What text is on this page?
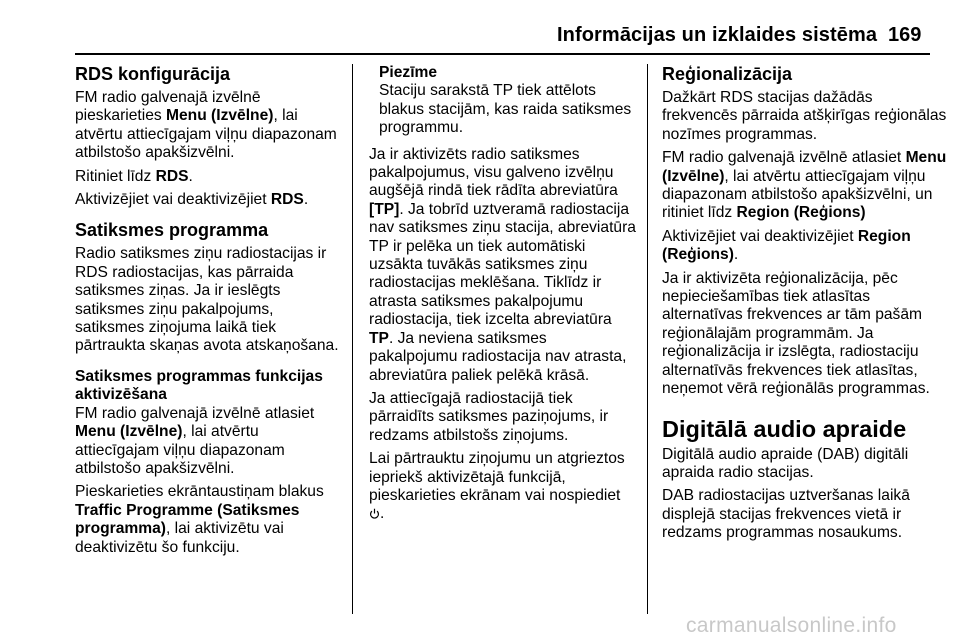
Informācijas un izklaides sistēma 169
RDS konfigurācija

FM radio galvenajā izvēlnē pieskarieties Menu (Izvēlne), lai atvērtu attiecīgajam viļņu diapazonam atbilstošo apakšizvēlni.

Ritiniet līdz RDS.

Aktivizējiet vai deaktivizējiet RDS.

Satiksmes programma

Radio satiksmes ziņu radiostacijas ir RDS radiostacijas, kas pārraida satiksmes ziņas. Ja ir ieslēgts satiksmes ziņu pakalpojums, satiksmes ziņojuma laikā tiek pārtraukta skaņas avota atskaņošana.

Satiksmes programmas funkcijas aktivizēšana

FM radio galvenajā izvēlnē atlasiet Menu (Izvēlne), lai atvērtu attiecīgajam viļņu diapazonam atbilstošo apakšizvēlni.

Pieskarieties ekrāntaustiņam blakus Traffic Programme (Satiksmes programma), lai aktivizētu vai deaktivizētu šo funkciju.

Piezīme

Staciju sarakstā TP tiek attēlots blakus stacijām, kas raida satiksmes programmu.

Ja ir aktivizēts radio satiksmes pakalpojumus, visu galveno izvēlņu augšējā rindā tiek rādīta abreviatūra [TP]. Ja tobrīd uztveramā radiostacija nav satiksmes ziņu stacija, abreviatūra TP ir pelēka un tiek automātiski uzsākta tuvākās satiksmes ziņu radiostacijas meklēšana. Tiklīdz ir atrasta satiksmes pakalpojumu radiostacija, tiek izcelta abreviatūra TP. Ja neviena satiksmes pakalpojumu radiostacija nav atrasta, abreviatūra paliek pelēkā krāsā.

Ja attiecīgajā radiostacijā tiek pārraidīts satiksmes paziņojums, ir redzams atbilstošs ziņojums.

Lai pārtrauktu ziņojumu un atgrieztos iepriekš aktivizētajā funkcijā, pieskarieties ekrānam vai nospiediet
.

Reģionalizācija

Dažkārt RDS stacijas dažādās frekvencēs pārraida atšķirīgas reģionālas nozīmes programmas.

FM radio galvenajā izvēlnē atlasiet Menu (Izvēlne), lai atvērtu attiecīgajam viļņu diapazonam atbilstošo apakšizvēlni, un ritiniet līdz Region (Reģions)

Aktivizējiet vai deaktivizējiet Region (Reģions).

Ja ir aktivizēta reģionalizācija, pēc nepieciešamības tiek atlasītas alternatīvas frekvences ar tām pašām reģionālajām programmām. Ja reģionalizācija ir izslēgta, radiostaciju alternatīvās frekvences tiek atlasītas, neņemot vērā reģionālās programmas.

Digitālā audio apraide

Digitālā audio apraide (DAB) digitāli apraida radio stacijas.

DAB radiostacijas uztveršanas laikā displejā stacijas frekvences vietā ir redzams programmas nosaukums.

carmanualsonline.info
